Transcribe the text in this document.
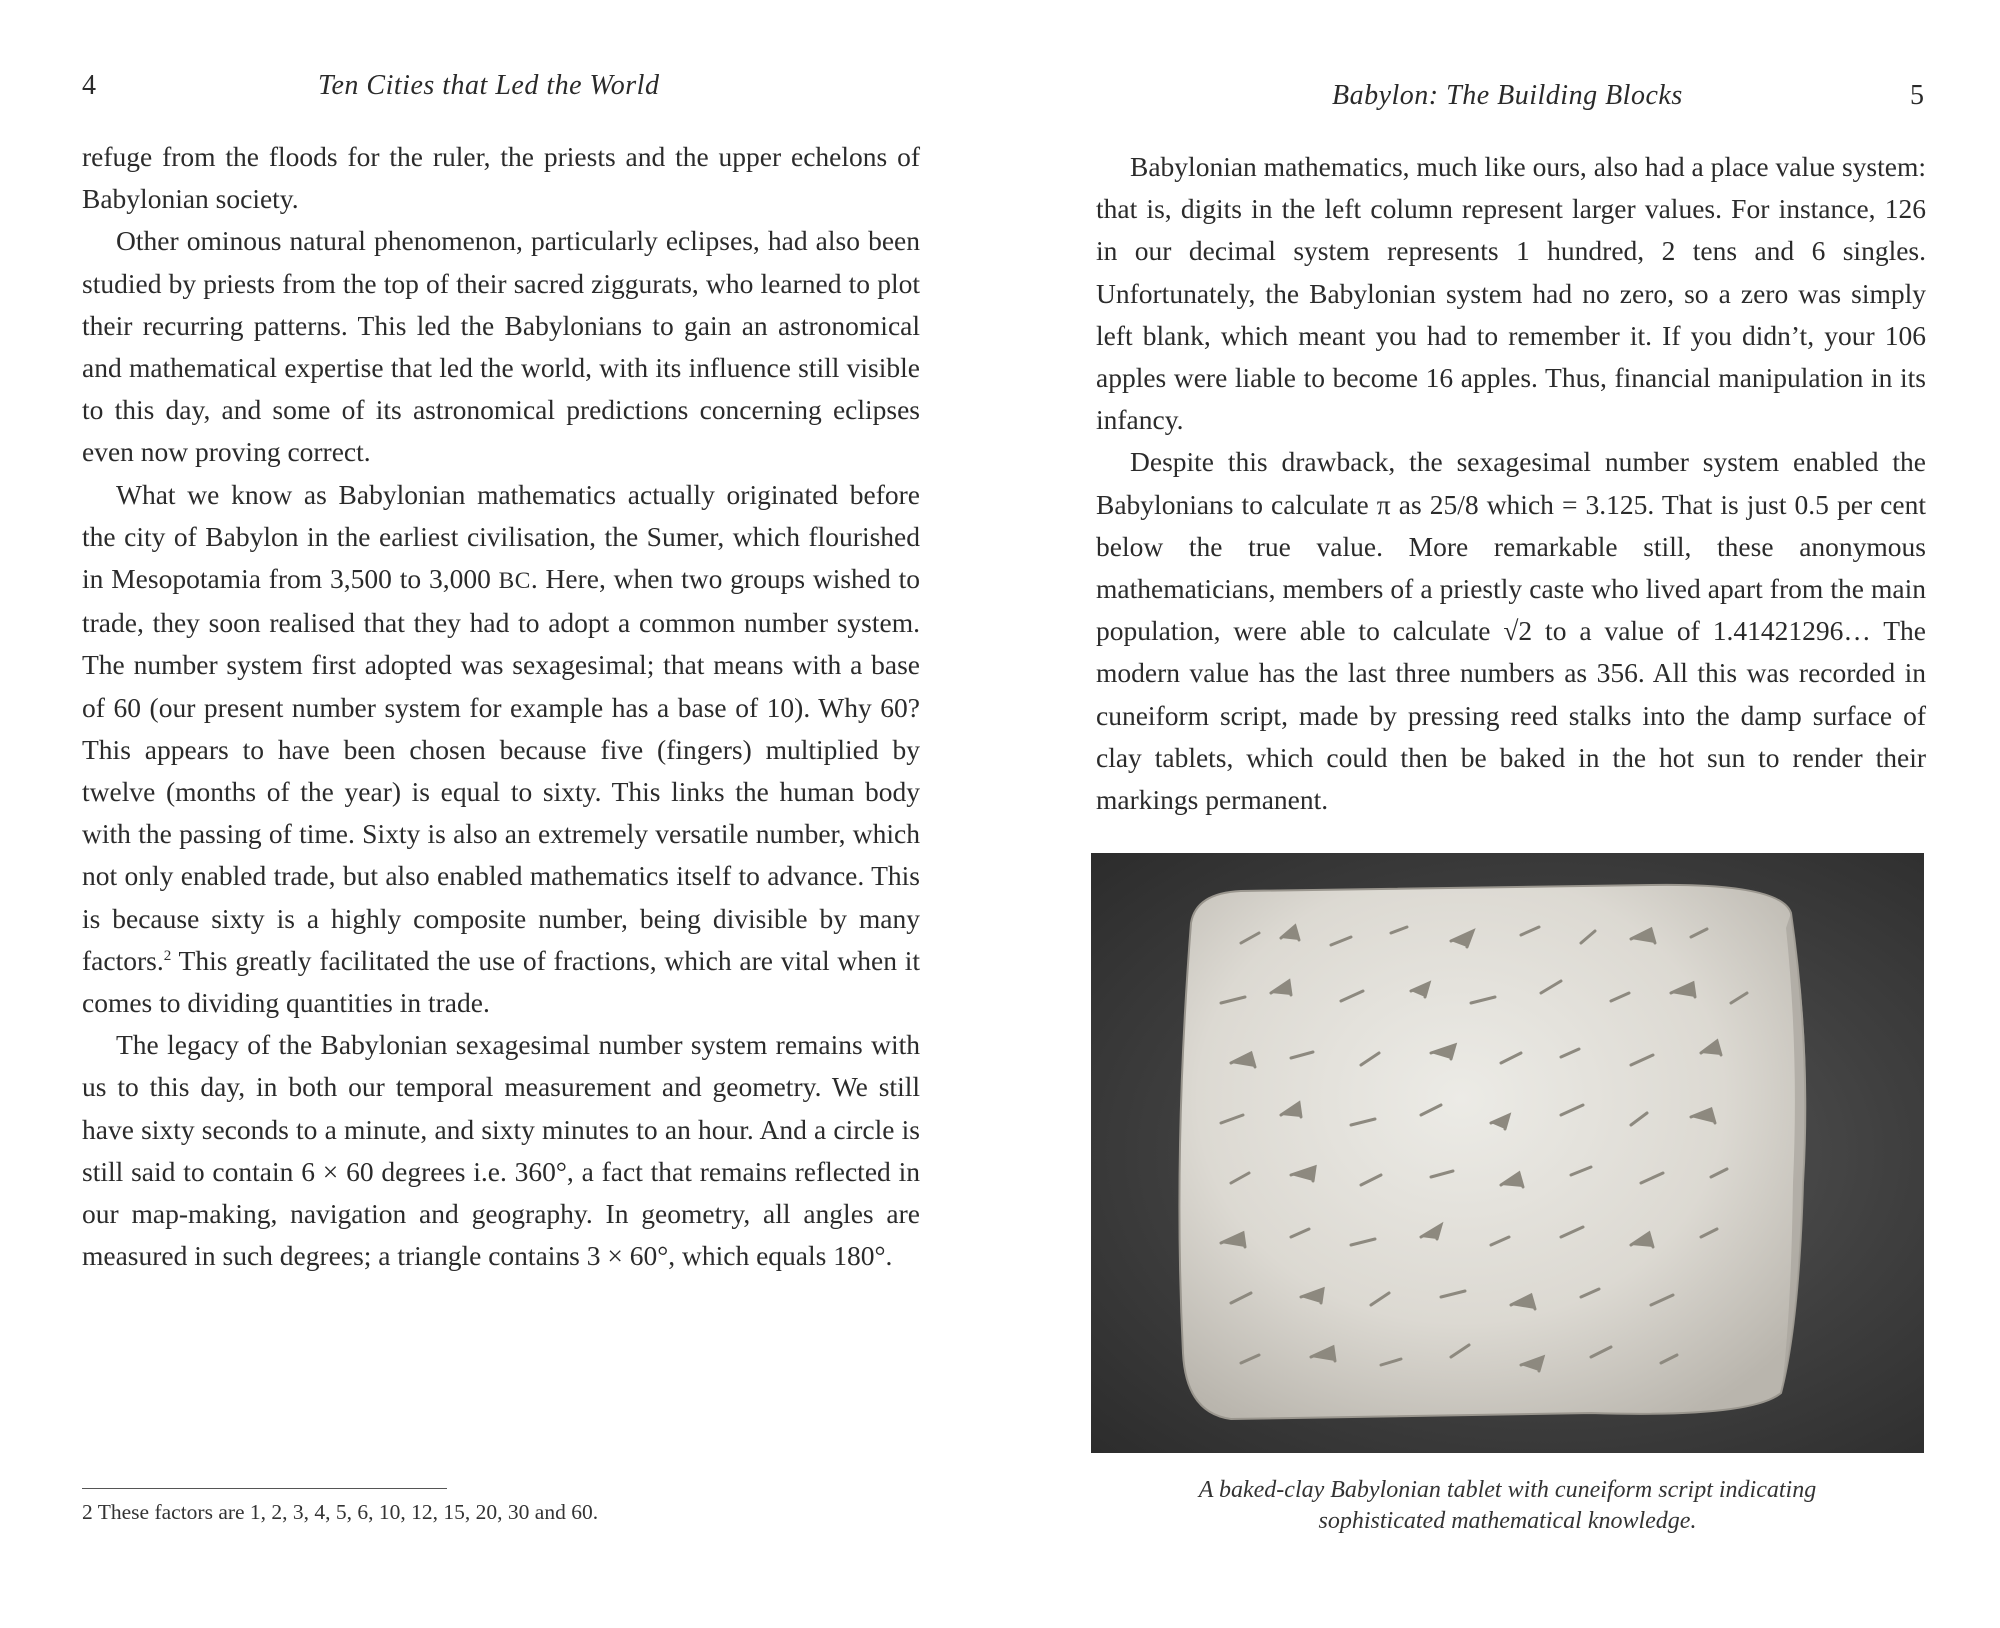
4	Ten Cities that Led the World

refuge from the floods for the ruler, the priests and the upper echelons of Babylonian society.

Other ominous natural phenomenon, particularly eclipses, had also been studied by priests from the top of their sacred ziggurats, who learned to plot their recurring patterns. This led the Babylonians to gain an astronomical and mathematical expertise that led the world, with its influence still visible to this day, and some of its astronomical predictions concerning eclipses even now proving correct.

What we know as Babylonian mathematics actually originated before the city of Babylon in the earliest civilisation, the Sumer, which flourished in Mesopotamia from 3,500 to 3,000 BC. Here, when two groups wished to trade, they soon realised that they had to adopt a common number system. The number system first adopted was sexagesimal; that means with a base of 60 (our present number system for example has a base of 10). Why 60? This appears to have been chosen because five (fingers) multiplied by twelve (months of the year) is equal to sixty. This links the human body with the passing of time. Sixty is also an extremely versatile number, which not only enabled trade, but also enabled mathematics itself to advance. This is because sixty is a highly composite number, being divisible by many factors.$^2$ This greatly facilitated the use of fractions, which are vital when it comes to dividing quantities in trade.

The legacy of the Babylonian sexagesimal number system remains with us to this day, in both our temporal measurement and geometry. We still have sixty seconds to a minute, and sixty minutes to an hour. And a circle is still said to contain 6 × 60 degrees i.e. 360°, a fact that remains reflected in our map-making, navigation and geography. In geometry, all angles are measured in such degrees; a triangle contains 3 × 60°, which equals 180°.

2 These factors are 1, 2, 3, 4, 5, 6, 10, 12, 15, 20, 30 and 60.
Babylon: The Building Blocks	5

Babylonian mathematics, much like ours, also had a place value system: that is, digits in the left column represent larger values. For instance, 126 in our decimal system represents 1 hundred, 2 tens and 6 singles. Unfortunately, the Babylonian system had no zero, so a zero was simply left blank, which meant you had to remember it. If you didn’t, your 106 apples were liable to become 16 apples. Thus, financial manipulation in its infancy.

Despite this drawback, the sexagesimal number system enabled the Babylonians to calculate π as 25/8 which = 3.125. That is just 0.5 per cent below the true value. More remarkable still, these anonymous mathematicians, members of a priestly caste who lived apart from the main population, were able to calculate √2 to a value of 1.41421296… The modern value has the last three numbers as 356. All this was recorded in cuneiform script, made by pressing reed stalks into the damp surface of clay tablets, which could then be baked in the hot sun to render their markings permanent.

A baked-clay Babylonian tablet with cuneiform script indicating
sophisticated mathematical knowledge.
